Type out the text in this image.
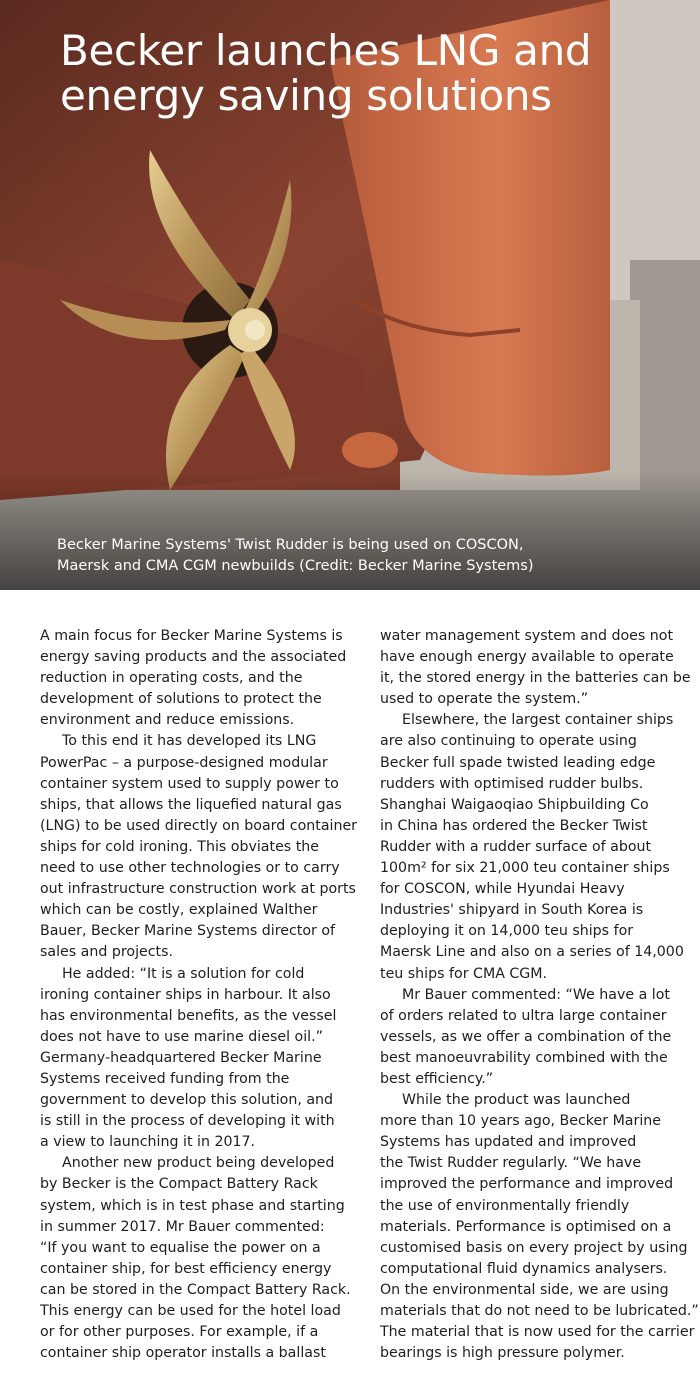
Becker launches LNG and
energy saving solutions

Becker Marine Systems' Twist Rudder is being used on COSCON,
Maersk and CMA CGM newbuilds (Credit: Becker Marine Systems)

A main focus for Becker Marine Systems is
energy saving products and the associated
reduction in operating costs, and the
development of solutions to protect the
environment and reduce emissions.
To this end it has developed its LNG
PowerPac – a purpose-designed modular
container system used to supply power to
ships, that allows the liquefied natural gas
(LNG) to be used directly on board container
ships for cold ironing. This obviates the
need to use other technologies or to carry
out infrastructure construction work at ports
which can be costly, explained Walther
Bauer, Becker Marine Systems director of
sales and projects.
He added: “It is a solution for cold
ironing container ships in harbour. It also
has environmental benefits, as the vessel
does not have to use marine diesel oil.”
Germany-headquartered Becker Marine
Systems received funding from the
government to develop this solution, and
is still in the process of developing it with
a view to launching it in 2017.
Another new product being developed
by Becker is the Compact Battery Rack
system, which is in test phase and starting
in summer 2017. Mr Bauer commented:
“If you want to equalise the power on a
container ship, for best efficiency energy
can be stored in the Compact Battery Rack.
This energy can be used for the hotel load
or for other purposes. For example, if a
container ship operator installs a ballast
water management system and does not
have enough energy available to operate
it, the stored energy in the batteries can be
used to operate the system.”
Elsewhere, the largest container ships
are also continuing to operate using
Becker full spade twisted leading edge
rudders with optimised rudder bulbs.
Shanghai Waigaoqiao Shipbuilding Co
in China has ordered the Becker Twist
Rudder with a rudder surface of about
100m² for six 21,000 teu container ships
for COSCON, while Hyundai Heavy
Industries' shipyard in South Korea is
deploying it on 14,000 teu ships for
Maersk Line and also on a series of 14,000
teu ships for CMA CGM.
Mr Bauer commented: “We have a lot
of orders related to ultra large container
vessels, as we offer a combination of the
best manoeuvrability combined with the
best efficiency.”
While the product was launched
more than 10 years ago, Becker Marine
Systems has updated and improved
the Twist Rudder regularly. “We have
improved the performance and improved
the use of environmentally friendly
materials. Performance is optimised on a
customised basis on every project by using
computational fluid dynamics analysers.
On the environmental side, we are using
materials that do not need to be lubricated.”
The material that is now used for the carrier
bearings is high pressure polymer.
